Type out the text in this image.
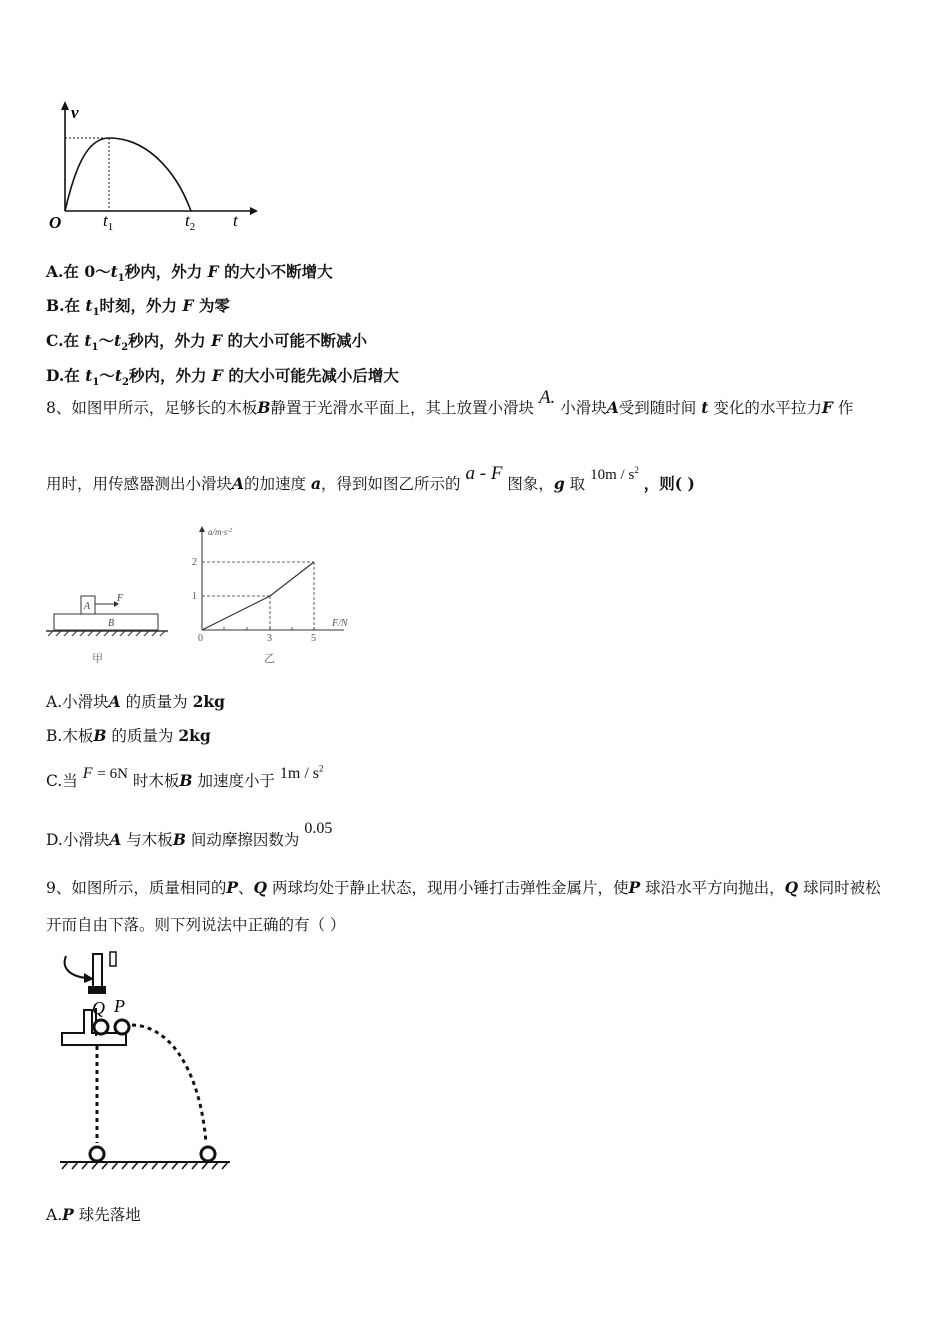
v
O $t_1$	$t_2$ t
A.在 $0\sim t_1$秒内，外力 F 的大小不断增大
B.在 $t_1$时刻，外力 F 为零
C.在 $t_1\sim t_2$秒内，外力 F 的大小可能不断减小
D.在 $t_1\sim t_2$秒内，外力 F 的大小可能先减小后增大
8、如图甲所示，足够长的木板B静置于光滑水平面上，其上放置小滑块 A. 小滑块A受到随时间 t 变化的水平拉力F 作
用时，用传感器测出小滑块A的加速度 a，得到如图乙所示的 a - F 图象，g 取 $10m / s^2$ ，则( )
A
F
B
甲
$a/m\cdot s^{-2}$
F/N
2
1
0	3	5
乙
A.小滑块A 的质量为 2kg
B.木板B 的质量为 2kg
C.当 F = 6N 时木板B 加速度小于 $1m / s^2$
D.小滑块A 与木板B 间动摩擦因数为 0.05
9、如图所示，质量相同的P、Q 两球均处于静止状态，现用小锤打击弹性金属片，使P 球沿水平方向抛出，Q 球同时被松
开而自由下落。则下列说法中正确的有（ ）
Q P
A.P 球先落地
